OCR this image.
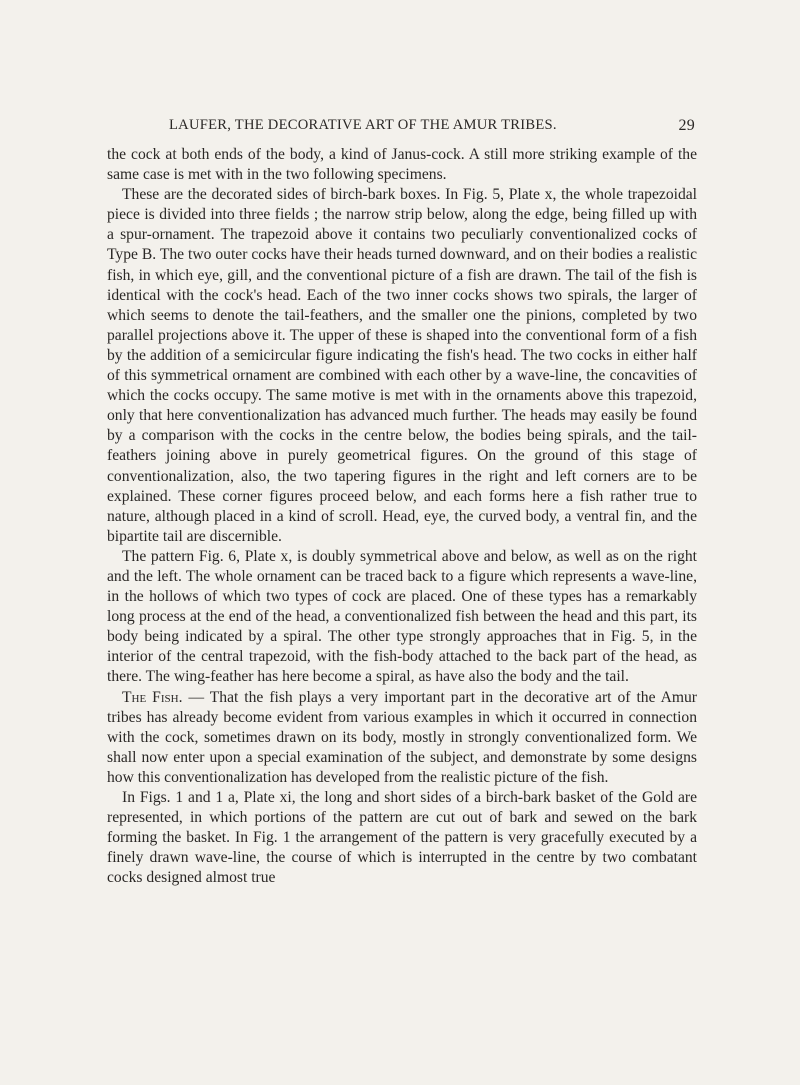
LAUFER, THE DECORATIVE ART OF THE AMUR TRIBES.	29

the cock at both ends of the body, a kind of Janus-cock. A still more striking example of the same case is met with in the two following specimens.

These are the decorated sides of birch-bark boxes. In Fig. 5, Plate x, the whole trapezoidal piece is divided into three fields ; the narrow strip below, along the edge, being filled up with a spur-ornament. The trapezoid above it contains two peculiarly conventionalized cocks of Type B. The two outer cocks have their heads turned downward, and on their bodies a realistic fish, in which eye, gill, and the conventional picture of a fish are drawn. The tail of the fish is identical with the cock's head. Each of the two inner cocks shows two spirals, the larger of which seems to denote the tail-feathers, and the smaller one the pinions, completed by two parallel projections above it. The upper of these is shaped into the conventional form of a fish by the addition of a semicircular figure indicating the fish's head. The two cocks in either half of this symmetrical ornament are combined with each other by a wave-line, the concavities of which the cocks occupy. The same motive is met with in the ornaments above this trapezoid, only that here conventionalization has advanced much further. The heads may easily be found by a comparison with the cocks in the centre below, the bodies being spirals, and the tail-feathers joining above in purely geometrical figures. On the ground of this stage of conventionalization, also, the two tapering figures in the right and left corners are to be explained. These corner figures proceed below, and each forms here a fish rather true to nature, although placed in a kind of scroll. Head, eye, the curved body, a ventral fin, and the bipartite tail are discernible.

The pattern Fig. 6, Plate x, is doubly symmetrical above and below, as well as on the right and the left. The whole ornament can be traced back to a figure which represents a wave-line, in the hollows of which two types of cock are placed. One of these types has a remarkably long process at the end of the head, a conventionalized fish between the head and this part, its body being indicated by a spiral. The other type strongly approaches that in Fig. 5, in the interior of the central trapezoid, with the fish-body attached to the back part of the head, as there. The wing-feather has here become a spiral, as have also the body and the tail.

The Fish. — That the fish plays a very important part in the decorative art of the Amur tribes has already become evident from various examples in which it occurred in connection with the cock, sometimes drawn on its body, mostly in strongly conventionalized form. We shall now enter upon a special examination of the subject, and demonstrate by some designs how this conventionalization has developed from the realistic picture of the fish.

In Figs. 1 and 1 a, Plate xi, the long and short sides of a birch-bark basket of the Gold are represented, in which portions of the pattern are cut out of bark and sewed on the bark forming the basket. In Fig. 1 the arrangement of the pattern is very gracefully executed by a finely drawn wave-line, the course of which is interrupted in the centre by two combatant cocks designed almost true
